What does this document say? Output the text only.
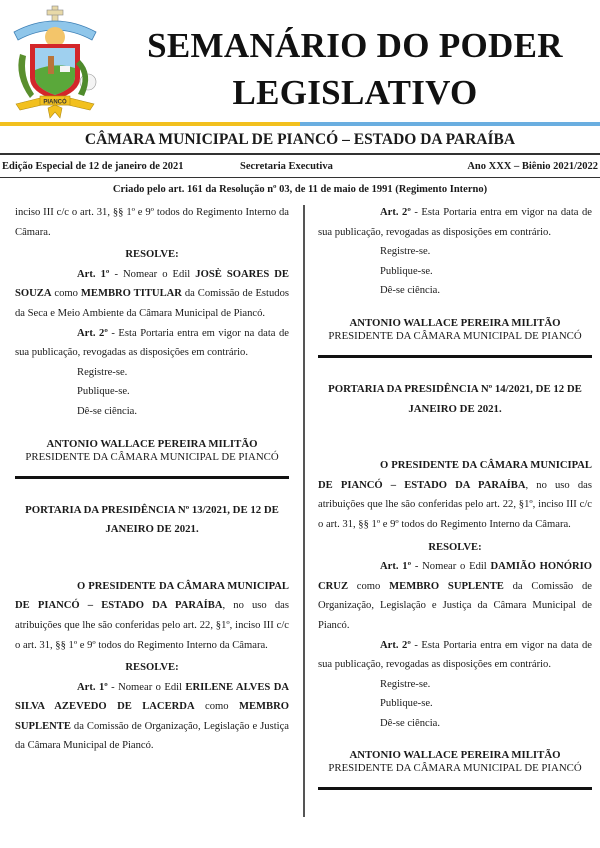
PIANCÓ
SEMANÁRIO DO PODER
LEGISLATIVO
CÂMARA MUNICIPAL DE PIANCÓ – ESTADO DA PARAÍBA
Edição Especial de 12 de janeiro de 2021	Secretaria Executiva	Ano XXX – Biênio 2021/2022
Criado pelo art. 161 da Resolução nº 03, de 11 de maio de 1991 (Regimento Interno)

inciso III c/c o art. 31, §§ 1º e 9º todos do Regimento Interno da Câmara.

RESOLVE:

Art. 1º - Nomear o Edil JOSÈ SOARES DE SOUZA como MEMBRO TITULAR da Comissão de Estudos da Seca e Meio Ambiente da Câmara Municipal de Piancó.

Art. 2º - Esta Portaria entra em vigor na data de sua publicação, revogadas as disposições em contrário.

Registre-se.

Publique-se.

Dê-se ciência.

ANTONIO WALLACE PEREIRA MILITÃO
PRESIDENTE DA CÂMARA MUNICIPAL DE PIANCÓ

PORTARIA DA PRESIDÊNCIA Nº 13/2021, DE 12 DE JANEIRO DE 2021.

O PRESIDENTE DA CÂMARA MUNICIPAL DE PIANCÓ – ESTADO DA PARAÍBA, no uso das atribuições que lhe são conferidas pelo art. 22, §1º, inciso III c/c o art. 31, §§ 1º e 9º todos do Regimento Interno da Câmara.

RESOLVE:

Art. 1º - Nomear o Edil ERILENE ALVES DA SILVA AZEVEDO DE LACERDA como MEMBRO SUPLENTE da Comissão de Organização, Legislação e Justiça da Câmara Municipal de Piancó.

Art. 2º - Esta Portaria entra em vigor na data de sua publicação, revogadas as disposições em contrário.

Registre-se.

Publique-se.

Dê-se ciência.

ANTONIO WALLACE PEREIRA MILITÃO
PRESIDENTE DA CÂMARA MUNICIPAL DE PIANCÓ

PORTARIA DA PRESIDÊNCIA Nº 14/2021, DE 12 DE JANEIRO DE 2021.

O PRESIDENTE DA CÂMARA MUNICIPAL DE PIANCÓ – ESTADO DA PARAÍBA, no uso das atribuições que lhe são conferidas pelo art. 22, §1º, inciso III c/c o art. 31, §§ 1º e 9º todos do Regimento Interno da Câmara.

RESOLVE:

Art. 1º - Nomear o Edil DAMIÃO HONÓRIO CRUZ como MEMBRO SUPLENTE da Comissão de Organização, Legislação e Justiça da Câmara Municipal de Piancó.

Art. 2º - Esta Portaria entra em vigor na data de sua publicação, revogadas as disposições em contrário.

Registre-se.

Publique-se.

Dê-se ciência.

ANTONIO WALLACE PEREIRA MILITÃO
PRESIDENTE DA CÂMARA MUNICIPAL DE PIANCÓ
